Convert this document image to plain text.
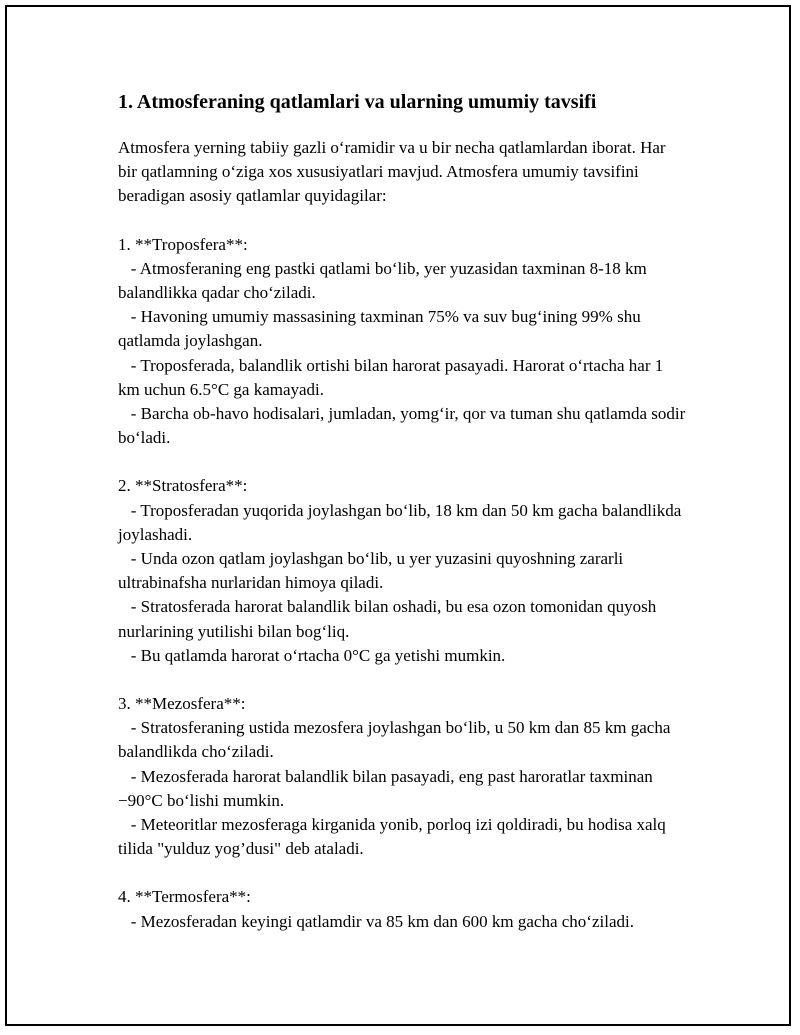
1. Atmosferaning qatlamlari va ularning umumiy tavsifi

Atmosfera yerning tabiiy gazli o‘ramidir va u bir necha qatlamlardan iborat. Har bir qatlamning o‘ziga xos xususiyatlari mavjud. Atmosfera umumiy tavsifini beradigan asosiy qatlamlar quyidagilar:

1. **Troposfera**:

- Atmosferaning eng pastki qatlami bo‘lib, yer yuzasidan taxminan 8-18 km balandlikka qadar cho‘ziladi.

- Havoning umumiy massasining taxminan 75% va suv bug‘ining 99% shu qatlamda joylashgan.

- Troposferada, balandlik ortishi bilan harorat pasayadi. Harorat o‘rtacha har 1 km uchun 6.5°C ga kamayadi.

- Barcha ob-havo hodisalari, jumladan, yomg‘ir, qor va tuman shu qatlamda sodir bo‘ladi.

2. **Stratosfera**:

- Troposferadan yuqorida joylashgan bo‘lib, 18 km dan 50 km gacha balandlikda joylashadi.

- Unda ozon qatlam joylashgan bo‘lib, u yer yuzasini quyoshning zararli ultrabinafsha nurlaridan himoya qiladi.

- Stratosferada harorat balandlik bilan oshadi, bu esa ozon tomonidan quyosh nurlarining yutilishi bilan bog‘liq.

- Bu qatlamda harorat o‘rtacha 0°C ga yetishi mumkin.

3. **Mezosfera**:

- Stratosferaning ustida mezosfera joylashgan bo‘lib, u 50 km dan 85 km gacha balandlikda cho‘ziladi.

- Mezosferada harorat balandlik bilan pasayadi, eng past haroratlar taxminan −90°C bo‘lishi mumkin.

- Meteoritlar mezosferaga kirganida yonib, porloq izi qoldiradi, bu hodisa xalq tilida "yulduz yog’dusi" deb ataladi.

4. **Termosfera**:

- Mezosferadan keyingi qatlamdir va 85 km dan 600 km gacha cho‘ziladi.
